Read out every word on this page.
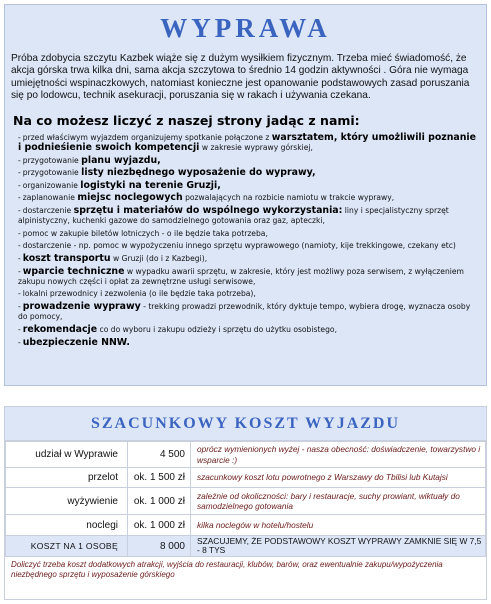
WYPRAWA

Próba zdobycia szczytu Kazbek wiąże się z dużym wysiłkiem fizycznym. Trzeba mieć świadomość, że akcja górska trwa kilka dni, sama akcja szczytowa to średnio 14 godzin aktywności . Góra nie wymaga umiejętności wspinaczkowych, natomiast konieczne jest opanowanie podstawowych zasad poruszania się po lodowcu, technik asekuracji, poruszania się w rakach i używania czekana.

Na co możesz liczyć z naszej strony jadąc z nami:
- przed właściwym wyjazdem organizujemy spotkanie połączone z warsztatem, który umożliwili poznanie i podnieśienie swoich kompetencji w zakresie wyprawy górskiej,
- przygotowanie planu wyjazdu,
- przygotowanie listy niezbędnego wyposażenie do wyprawy,
- organizowanie logistyki na terenie Gruzji,
- zaplanowanie miejsc noclegowych pozwalających na rozbicie namiotu w trakcie wyprawy,
- dostarczenie sprzętu i materiałów do wspólnego wykorzystania: liny i specjalistyczny sprzęt alpinistyczny, kuchenki gazowe do samodzielnego gotowania oraz gaz, apteczki,
- pomoc w zakupie biletów lotniczych - o ile będzie taka potrzeba,
- dostarczenie - np. pomoc w wypożyczeniu innego sprzętu wyprawowego (namioty, kije trekkingowe, czekany etc)
- koszt transportu w Gruzji (do i z Kazbegi),
- wparcie techniczne w wypadku awarii sprzętu, w zakresie, który jest możliwy poza serwisem, z wyłączeniem zakupu nowych części i opłat za zewnętrzne usługi serwisowe,
- lokalni przewodnicy i zezwolenia (o ile będzie taka potrzeba),
- prowadzenie wyprawy - trekking prowadzi przewodnik, który dyktuje tempo, wybiera drogę, wyznacza osoby do pomocy,
- rekomendacje co do wyboru i zakupu odzieży i sprzętu do użytku osobistego,
- ubezpieczenie NNW.
SZACUNKOWY KOSZT WYJAZDU
udział w Wyprawie	4 500	oprócz wymienionych wyżej - nasza obecność: doświadczenie, towarzystwo i wsparcie :)
przelot	ok. 1 500 zł	szacunkowy koszt lotu powrotnego z Warszawy do Tbilisi lub Kutajsi
wyżywienie	ok. 1 000 zł	zależnie od okoliczności: bary i restauracje, suchy prowiant, wiktuały do samodzielnego gotowania
noclegi	ok. 1 000 zł	kilka noclegów w hotelu/hostelu
KOSZT NA 1 OSOBĘ	8 000	SZACUJEMY, ŻE PODSTAWOWY KOSZT WYPRAWY ZAMKNIE SIĘ W 7,5 - 8 TYS

Doliczyć trzeba koszt dodatkowych atrakcji, wyjścia do restauracji, klubów, barów, oraz ewentualnie zakupu/wypożyczenia niezbędnego sprzętu i wyposażenie górskiego
